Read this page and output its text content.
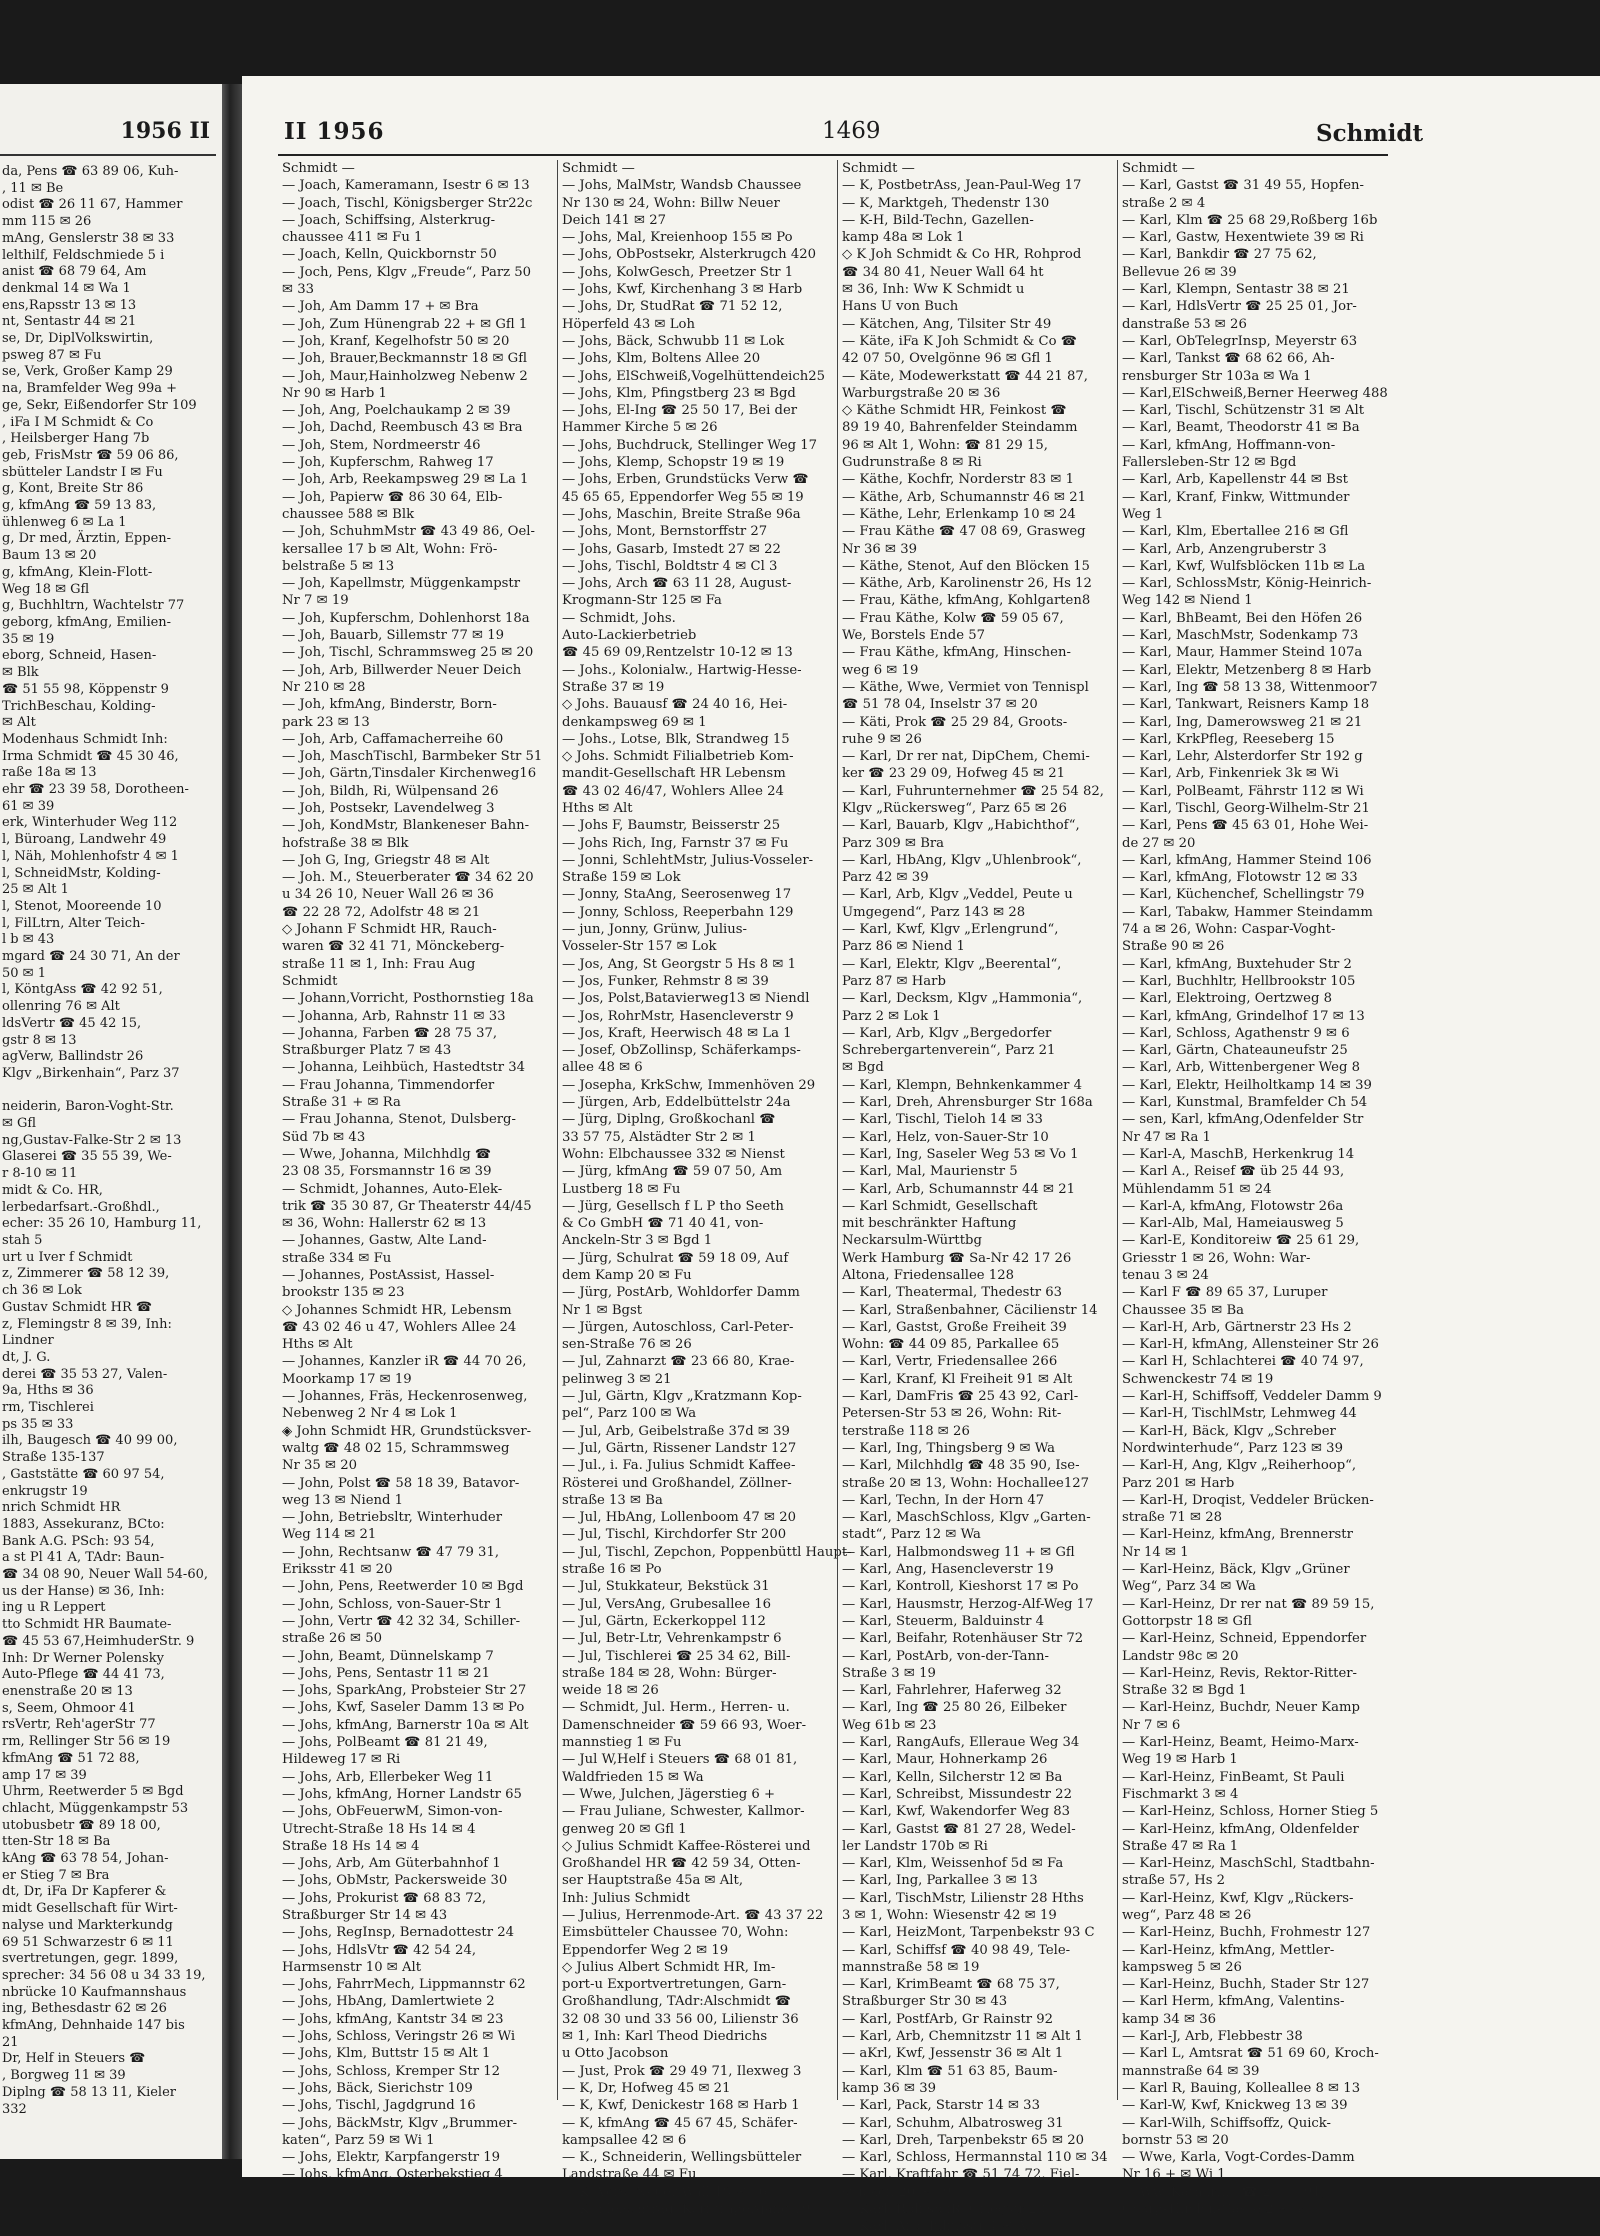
1956 II
da, Pens ☎ 63 89 06, Kuh-
, 11 ✉ Be
odist ☎ 26 11 67, Hammer
mm 115 ✉ 26
mAng, Genslerstr 38 ✉ 33
lelthilf, Feldschmiede 5 i
anist ☎ 68 79 64, Am
denkmal 14 ✉ Wa 1
ens,Rapsstr 13 ✉ 13
nt, Sentastr 44 ✉ 21
se, Dr, DiplVolkswirtin,
psweg 87 ✉ Fu
se, Verk, Großer Kamp 29
na, Bramfelder Weg 99a +
ge, Sekr, Eißendorfer Str 109
, iFa I M Schmidt & Co
, Heilsberger Hang 7b
geb, FrisMstr ☎ 59 06 86,
sbütteler Landstr I ✉ Fu
g, Kont, Breite Str 86
g, kfmAng ☎ 59 13 83,
ühlenweg 6 ✉ La 1
g, Dr med, Ärztin, Eppen-
Baum 13 ✉ 20
g, kfmAng, Klein-Flott-
Weg 18 ✉ Gfl
g, Buchhltrn, Wachtelstr 77
geborg, kfmAng, Emilien-
35 ✉ 19
eborg, Schneid, Hasen-
✉ Blk
☎ 51 55 98, Köppenstr 9
TrichBeschau, Kolding-
✉ Alt
Modenhaus Schmidt Inh:
Irma Schmidt ☎ 45 30 46,
raße 18a ✉ 13
ehr ☎ 23 39 58, Dorotheen-
61 ✉ 39
erk, Winterhuder Weg 112
l, Büroang, Landwehr 49
l, Näh, Mohlenhofstr 4 ✉ 1
l, SchneidMstr, Kolding-
25 ✉ Alt 1
l, Stenot, Mooreende 10
l, FilLtrn, Alter Teich-
l b ✉ 43
mgard ☎ 24 30 71, An der
50 ✉ 1
l, KöntgAss ☎ 42 92 51,
ollenring 76 ✉ Alt
ldsVertr ☎ 45 42 15,
gstr 8 ✉ 13
agVerw, Ballindstr 26
Klgv „Birkenhain“, Parz 37

neiderin, Baron-Voght-Str.
✉ Gfl
ng,Gustav-Falke-Str 2 ✉ 13
Glaserei ☎ 35 55 39, We-
r 8-10 ✉ 11
midt & Co. HR,
lerbedarfsart.-Großhdl.,
echer: 35 26 10, Hamburg 11,
stah 5
urt u Iver f Schmidt
z, Zimmerer ☎ 58 12 39,
ch 36 ✉ Lok
Gustav Schmidt HR ☎
z, Flemingstr 8 ✉ 39, Inh:
Lindner
dt, J. G.
derei ☎ 35 53 27, Valen-
9a, Hths ✉ 36
rm, Tischlerei
ps 35 ✉ 33
ilh, Baugesch ☎ 40 99 00,
Straße 135-137
, Gaststätte ☎ 60 97 54,
enkrugstr 19
nrich Schmidt HR
1883, Assekuranz, BCto:
Bank A.G. PSch: 93 54,
a st Pl 41 A, TAdr: Baun-
☎ 34 08 90, Neuer Wall 54-60,
us der Hanse) ✉ 36, Inh:
ing u R Leppert
tto Schmidt HR Baumate-
☎ 45 53 67,HeimhuderStr. 9
Inh: Dr Werner Polensky
Auto-Pflege ☎ 44 41 73,
enenstraße 20 ✉ 13
s, Seem, Ohmoor 41
rsVertr, Reh'agerStr 77
rm, Rellinger Str 56 ✉ 19
kfmAng ☎ 51 72 88,
amp 17 ✉ 39
Uhrm, Reetwerder 5 ✉ Bgd
chlacht, Müggenkampstr 53
utobusbetr ☎ 89 18 00,
tten-Str 18 ✉ Ba
kAng ☎ 63 78 54, Johan-
er Stieg 7 ✉ Bra
dt, Dr, iFa Dr Kapferer &
midt Gesellschaft für Wirt-
nalyse und Markterkundg
69 51 Schwarzestr 6 ✉ 11
svertretungen, gegr. 1899,
sprecher: 34 56 08 u 34 33 19,
nbrücke 10 Kaufmannshaus
ing, Bethesdastr 62 ✉ 26
kfmAng, Dehnhaide 147 bis
21
Dr, Helf in Steuers ☎
, Borgweg 11 ✉ 39
Diplng ☎ 58 13 11, Kieler
332
II 1956	1469	Schmidt
Schmidt —
— Joach, Kameramann, Isestr 6 ✉ 13
— Joach, Tischl, Königsberger Str22c
— Joach, Schiffsing, Alsterkrug-
chaussee 411 ✉ Fu 1
— Joach, Kelln, Quickbornstr 50
— Joch, Pens, Klgv „Freude“, Parz 50
✉ 33
— Joh, Am Damm 17 + ✉ Bra
— Joh, Zum Hünengrab 22 + ✉ Gfl 1
— Joh, Kranf, Kegelhofstr 50 ✉ 20
— Joh, Brauer,Beckmannstr 18 ✉ Gfl
— Joh, Maur,Hainholzweg Nebenw 2
Nr 90 ✉ Harb 1
— Joh, Ang, Poelchaukamp 2 ✉ 39
— Joh, Dachd, Reembusch 43 ✉ Bra
— Joh, Stem, Nordmeerstr 46
— Joh, Kupferschm, Rahweg 17
— Joh, Arb, Reekampsweg 29 ✉ La 1
— Joh, Papierw ☎ 86 30 64, Elb-
chaussee 588 ✉ Blk
— Joh, SchuhmMstr ☎ 43 49 86, Oel-
kersallee 17 b ✉ Alt, Wohn: Frö-
belstraße 5 ✉ 13
— Joh, Kapellmstr, Müggenkampstr
Nr 7 ✉ 19
— Joh, Kupferschm, Dohlenhorst 18a
— Joh, Bauarb, Sillemstr 77 ✉ 19
— Joh, Tischl, Schrammsweg 25 ✉ 20
— Joh, Arb, Billwerder Neuer Deich
Nr 210 ✉ 28
— Joh, kfmAng, Binderstr, Born-
park 23 ✉ 13
— Joh, Arb, Caffamacherreihe 60
— Joh, MaschTischl, Barmbeker Str 51
— Joh, Gärtn,Tinsdaler Kirchenweg16
— Joh, Bildh, Ri, Wülpensand 26
— Joh, Postsekr, Lavendelweg 3
— Joh, KondMstr, Blankeneser Bahn-
hofstraße 38 ✉ Blk
— Joh G, Ing, Griegstr 48 ✉ Alt
— Joh. M., Steuerberater ☎ 34 62 20
u 34 26 10, Neuer Wall 26 ✉ 36
☎ 22 28 72, Adolfstr 48 ✉ 21
◇ Johann F Schmidt HR, Rauch-
waren ☎ 32 41 71, Mönckeberg-
straße 11 ✉ 1, Inh: Frau Aug
Schmidt
— Johann,Vorricht, Posthornstieg 18a
— Johanna, Arb, Rahnstr 11 ✉ 33
— Johanna, Farben ☎ 28 75 37,
Straßburger Platz 7 ✉ 43
— Johanna, Leihbüch, Hastedtstr 34
— Frau Johanna, Timmendorfer
Straße 31 + ✉ Ra
— Frau Johanna, Stenot, Dulsberg-
Süd 7b ✉ 43
— Wwe, Johanna, Milchhdlg ☎
23 08 35, Forsmannstr 16 ✉ 39
— Schmidt, Johannes, Auto-Elek-
trik ☎ 35 30 87, Gr Theaterstr 44/45
✉ 36, Wohn: Hallerstr 62 ✉ 13
— Johannes, Gastw, Alte Land-
straße 334 ✉ Fu
— Johannes, PostAssist, Hassel-
brookstr 135 ✉ 23
◇ Johannes Schmidt HR, Lebensm
☎ 43 02 46 u 47, Wohlers Allee 24
Hths ✉ Alt
— Johannes, Kanzler iR ☎ 44 70 26,
Moorkamp 17 ✉ 19
— Johannes, Fräs, Heckenrosenweg,
Nebenweg 2 Nr 4 ✉ Lok 1
◈ John Schmidt HR, Grundstücksver-
waltg ☎ 48 02 15, Schrammsweg
Nr 35 ✉ 20
— John, Polst ☎ 58 18 39, Batavor-
weg 13 ✉ Niend 1
— John, Betriebsltr, Winterhuder
Weg 114 ✉ 21
— John, Rechtsanw ☎ 47 79 31,
Eriksstr 41 ✉ 20
— John, Pens, Reetwerder 10 ✉ Bgd
— John, Schloss, von-Sauer-Str 1
— John, Vertr ☎ 42 32 34, Schiller-
straße 26 ✉ 50
— John, Beamt, Dünnelskamp 7
— Johs, Pens, Sentastr 11 ✉ 21
— Johs, SparkAng, Probsteier Str 27
— Johs, Kwf, Saseler Damm 13 ✉ Po
— Johs, kfmAng, Barnerstr 10a ✉ Alt
— Johs, PolBeamt ☎ 81 21 49,
Hildeweg 17 ✉ Ri
— Johs, Arb, Ellerbeker Weg 11
— Johs, kfmAng, Horner Landstr 65
— Johs, ObFeuerwM, Simon-von-
Utrecht-Straße 18 Hs 14 ✉ 4
Straße 18 Hs 14 ✉ 4
— Johs, Arb, Am Güterbahnhof 1
— Johs, ObMstr, Packersweide 30
— Johs, Prokurist ☎ 68 83 72,
Straßburger Str 14 ✉ 43
— Johs, RegInsp, Bernadottestr 24
— Johs, HdlsVtr ☎ 42 54 24,
Harmsenstr 10 ✉ Alt
— Johs, FahrrMech, Lippmannstr 62
— Johs, HbAng, Damlertwiete 2
— Johs, kfmAng, Kantstr 34 ✉ 23
— Johs, Schloss, Veringstr 26 ✉ Wi
— Johs, Klm, Buttstr 15 ✉ Alt 1
— Johs, Schloss, Kremper Str 12
— Johs, Bäck, Sierichstr 109
— Johs, Tischl, Jagdgrund 16
— Johs, BäckMstr, Klgv „Brummer-
katen“, Parz 59 ✉ Wi 1
— Johs, Elektr, Karpfangerstr 19
— Johs, kfmAng, Osterbekstieg 4
Schmidt —
— Johs, MalMstr, Wandsb Chaussee
Nr 130 ✉ 24, Wohn: Billw Neuer
Deich 141 ✉ 27
— Johs, Mal, Kreienhoop 155 ✉ Po
— Johs, ObPostsekr, Alsterkrugch 420
— Johs, KolwGesch, Preetzer Str 1
— Johs, Kwf, Kirchenhang 3 ✉ Harb
— Johs, Dr, StudRat ☎ 71 52 12,
Höperfeld 43 ✉ Loh
— Johs, Bäck, Schwubb 11 ✉ Lok
— Johs, Klm, Boltens Allee 20
— Johs, ElSchweiß,Vogelhüttendeich25
— Johs, Klm, Pfingstberg 23 ✉ Bgd
— Johs, El-Ing ☎ 25 50 17, Bei der
Hammer Kirche 5 ✉ 26
— Johs, Buchdruck, Stellinger Weg 17
— Johs, Klemp, Schopstr 19 ✉ 19
— Johs, Erben, Grundstücks Verw ☎
45 65 65, Eppendorfer Weg 55 ✉ 19
— Johs, Maschin, Breite Straße 96a
— Johs, Mont, Bernstorffstr 27
— Johs, Gasarb, Imstedt 27 ✉ 22
— Johs, Tischl, Boldtstr 4 ✉ Cl 3
— Johs, Arch ☎ 63 11 28, August-
Krogmann-Str 125 ✉ Fa
— Schmidt, Johs.
Auto-Lackierbetrieb
☎ 45 69 09,Rentzelstr 10-12 ✉ 13
— Johs., Kolonialw., Hartwig-Hesse-
Straße 37 ✉ 19
◇ Johs. Bauausf ☎ 24 40 16, Hei-
denkampsweg 69 ✉ 1
— Johs., Lotse, Blk, Strandweg 15
◇ Johs. Schmidt Filialbetrieb Kom-
mandit-Gesellschaft HR Lebensm
☎ 43 02 46/47, Wohlers Allee 24
Hths ✉ Alt
— Johs F, Baumstr, Beisserstr 25
— Johs Rich, Ing, Farnstr 37 ✉ Fu
— Jonni, SchlehtMstr, Julius-Vosseler-
Straße 159 ✉ Lok
— Jonny, StaAng, Seerosenweg 17
— Jonny, Schloss, Reeperbahn 129
— jun, Jonny, Grünw, Julius-
Vosseler-Str 157 ✉ Lok
— Jos, Ang, St Georgstr 5 Hs 8 ✉ 1
— Jos, Funker, Rehmstr 8 ✉ 39
— Jos, Polst,Batavierweg13 ✉ Niendl
— Jos, RohrMstr, Hasencleverstr 9
— Jos, Kraft, Heerwisch 48 ✉ La 1
— Josef, ObZollinsp, Schäferkamps-
allee 48 ✉ 6
— Josepha, KrkSchw, Immenhöven 29
— Jürgen, Arb, Eddelbüttelstr 24a
— Jürg, Diplng, Großkochanl ☎
33 57 75, Alstädter Str 2 ✉ 1
Wohn: Elbchaussee 332 ✉ Nienst
— Jürg, kfmAng ☎ 59 07 50, Am
Lustberg 18 ✉ Fu
— Jürg, Gesellsch f L P tho Seeth
& Co GmbH ☎ 71 40 41, von-
Anckeln-Str 3 ✉ Bgd 1
— Jürg, Schulrat ☎ 59 18 09, Auf
dem Kamp 20 ✉ Fu
— Jürg, PostArb, Wohldorfer Damm
Nr 1 ✉ Bgst
— Jürgen, Autoschloss, Carl-Peter-
sen-Straße 76 ✉ 26
— Jul, Zahnarzt ☎ 23 66 80, Krae-
pelinweg 3 ✉ 21
— Jul, Gärtn, Klgv „Kratzmann Kop-
pel“, Parz 100 ✉ Wa
— Jul, Arb, Geibelstraße 37d ✉ 39
— Jul, Gärtn, Rissener Landstr 127
— Jul., i. Fa. Julius Schmidt Kaffee-
Rösterei und Großhandel, Zöllner-
straße 13 ✉ Ba
— Jul, HbAng, Lollenboom 47 ✉ 20
— Jul, Tischl, Kirchdorfer Str 200
— Jul, Tischl, Zepchon, Poppenbüttl Haupt-
straße 16 ✉ Po
— Jul, Stukkateur, Bekstück 31
— Jul, VersAng, Grubesallee 16
— Jul, Gärtn, Eckerkoppel 112
— Jul, Betr-Ltr, Vehrenkampstr 6
— Jul, Tischlerei ☎ 25 34 62, Bill-
straße 184 ✉ 28, Wohn: Bürger-
weide 18 ✉ 26
— Schmidt, Jul. Herm., Herren- u.
Damenschneider ☎ 59 66 93, Woer-
mannstieg 1 ✉ Fu
— Jul W,Helf i Steuers ☎ 68 01 81,
Waldfrieden 15 ✉ Wa
— Wwe, Julchen, Jägerstieg 6 +
— Frau Juliane, Schwester, Kallmor-
genweg 20 ✉ Gfl 1
◇ Julius Schmidt Kaffee-Rösterei und
Großhandel HR ☎ 42 59 34, Otten-
ser Hauptstraße 45a ✉ Alt,
Inh: Julius Schmidt
— Julius, Herrenmode-Art. ☎ 43 37 22
Eimsbütteler Chaussee 70, Wohn:
Eppendorfer Weg 2 ✉ 19
◇ Julius Albert Schmidt HR, Im-
port-u Exportvertretungen, Garn-
Großhandlung, TAdr:Alschmidt ☎
32 08 30 und 33 56 00, Lilienstr 36
✉ 1, Inh: Karl Theod Diedrichs
u Otto Jacobson
— Just, Prok ☎ 29 49 71, Ilexweg 3
— K, Dr, Hofweg 45 ✉ 21
— K, Kwf, Denickestr 168 ✉ Harb 1
— K, kfmAng ☎ 45 67 45, Schäfer-
kampsallee 42 ✉ 6
— K., Schneiderin, Wellingsbütteler
Landstraße 44 ✉ Fu
— K, Vers, Neuer Wall 18 ✉ 36
— K, Fleischtrag, Kornträgergang 19
Schmidt —
— K, PostbetrAss, Jean-Paul-Weg 17
— K, Marktgeh, Thedenstr 130
— K-H, Bild-Techn, Gazellen-
kamp 48a ✉ Lok 1
◇ K Joh Schmidt & Co HR, Rohprod
☎ 34 80 41, Neuer Wall 64 ht
✉ 36, Inh: Ww K Schmidt u
Hans U von Buch
— Kätchen, Ang, Tilsiter Str 49
— Käte, iFa K Joh Schmidt & Co ☎
42 07 50, Ovelgönne 96 ✉ Gfl 1
— Käte, Modewerkstatt ☎ 44 21 87,
Warburgstraße 20 ✉ 36
◇ Käthe Schmidt HR, Feinkost ☎
89 19 40, Bahrenfelder Steindamm
96 ✉ Alt 1, Wohn: ☎ 81 29 15,
Gudrunstraße 8 ✉ Ri
— Käthe, Kochfr, Norderstr 83 ✉ 1
— Käthe, Arb, Schumannstr 46 ✉ 21
— Käthe, Lehr, Erlenkamp 10 ✉ 24
— Frau Käthe ☎ 47 08 69, Grasweg
Nr 36 ✉ 39
— Käthe, Stenot, Auf den Blöcken 15
— Käthe, Arb, Karolinenstr 26, Hs 12
— Frau, Käthe, kfmAng, Kohlgarten8
— Frau Käthe, Kolw ☎ 59 05 67,
We, Borstels Ende 57
— Frau Käthe, kfmAng, Hinschen-
weg 6 ✉ 19
— Käthe, Wwe, Vermiet von Tennispl
☎ 51 78 04, Inselstr 37 ✉ 20
— Käti, Prok ☎ 25 29 84, Groots-
ruhe 9 ✉ 26
— Karl, Dr rer nat, DipChem, Chemi-
ker ☎ 23 29 09, Hofweg 45 ✉ 21
— Karl, Fuhrunternehmer ☎ 25 54 82,
Klgv „Rückersweg“, Parz 65 ✉ 26
— Karl, Bauarb, Klgv „Habichthof“,
Parz 309 ✉ Bra
— Karl, HbAng, Klgv „Uhlenbrook“,
Parz 42 ✉ 39
— Karl, Arb, Klgv „Veddel, Peute u
Umgegend“, Parz 143 ✉ 28
— Karl, Kwf, Klgv „Erlengrund“,
Parz 86 ✉ Niend 1
— Karl, Elektr, Klgv „Beerental“,
Parz 87 ✉ Harb
— Karl, Decksm, Klgv „Hammonia“,
Parz 2 ✉ Lok 1
— Karl, Arb, Klgv „Bergedorfer
Schrebergartenverein“, Parz 21
✉ Bgd
— Karl, Klempn, Behnkenkammer 4
— Karl, Dreh, Ahrensburger Str 168a
— Karl, Tischl, Tieloh 14 ✉ 33
— Karl, Helz, von-Sauer-Str 10
— Karl, Ing, Saseler Weg 53 ✉ Vo 1
— Karl, Mal, Maurienstr 5
— Karl, Arb, Schumannstr 44 ✉ 21
— Karl Schmidt, Gesellschaft
mit beschränkter Haftung
Neckarsulm-Württbg
Werk Hamburg ☎ Sa-Nr 42 17 26
Altona, Friedensallee 128
— Karl, Theatermal, Thedestr 63
— Karl, Straßenbahner, Cäcilienstr 14
— Karl, Gastst, Große Freiheit 39
Wohn: ☎ 44 09 85, Parkallee 65
— Karl, Vertr, Friedensallee 266
— Karl, Kranf, Kl Freiheit 91 ✉ Alt
— Karl, DamFris ☎ 25 43 92, Carl-
Petersen-Str 53 ✉ 26, Wohn: Rit-
terstraße 118 ✉ 26
— Karl, Ing, Thingsberg 9 ✉ Wa
— Karl, Milchhdlg ☎ 48 35 90, Ise-
straße 20 ✉ 13, Wohn: Hochallee127
— Karl, Techn, In der Horn 47
— Karl, MaschSchloss, Klgv „Garten-
stadt“, Parz 12 ✉ Wa
— Karl, Halbmondsweg 11 + ✉ Gfl
— Karl, Ang, Hasencleverstr 19
— Karl, Kontroll, Kieshorst 17 ✉ Po
— Karl, Hausmstr, Herzog-Alf-Weg 17
— Karl, Steuerm, Balduinstr 4
— Karl, Beifahr, Rotenhäuser Str 72
— Karl, PostArb, von-der-Tann-
Straße 3 ✉ 19
— Karl, Fahrlehrer, Haferweg 32
— Karl, Ing ☎ 25 80 26, Eilbeker
Weg 61b ✉ 23
— Karl, RangAufs, Elleraue Weg 34
— Karl, Maur, Hohnerkamp 26
— Karl, Kelln, Silcherstr 12 ✉ Ba
— Karl, Schreibst, Missundestr 22
— Karl, Kwf, Wakendorfer Weg 83
— Karl, Gastst ☎ 81 27 28, Wedel-
ler Landstr 170b ✉ Ri
— Karl, Klm, Weissenhof 5d ✉ Fa
— Karl, Ing, Parkallee 3 ✉ 13
— Karl, TischMstr, Lilienstr 28 Hths
3 ✉ 1, Wohn: Wiesenstr 42 ✉ 19
— Karl, HeizMont, Tarpenbekstr 93 C
— Karl, Schiffsf ☎ 40 98 49, Tele-
mannstraße 58 ✉ 19
— Karl, KrimBeamt ☎ 68 75 37,
Straßburger Str 30 ✉ 43
— Karl, PostfArb, Gr Rainstr 92
— Karl, Arb, Chemnitzstr 11 ✉ Alt 1
— aKrl, Kwf, Jessenstr 36 ✉ Alt 1
— Karl, Klm ☎ 51 63 85, Baum-
kamp 36 ✉ 39
— Karl, Pack, Starstr 14 ✉ 33
— Karl, Schuhm, Albatrosweg 31
— Karl, Dreh, Tarpenbekstr 65 ✉ 20
— Karl, Schloss, Hermannstal 110 ✉ 34
— Karl, Kraftfahr ☎ 51 74 72, Fiel-
stücken 20 ✉ 39
— Karl, Rblnsp iR, Griegstr 20
— Karl, Arb, Juliusstr 4 ✉ Alt
Schmidt —
— Karl, Gastst ☎ 31 49 55, Hopfen-
straße 2 ✉ 4
— Karl, Klm ☎ 25 68 29,Roßberg 16b
— Karl, Gastw, Hexentwiete 39 ✉ Ri
— Karl, Bankdir ☎ 27 75 62,
Bellevue 26 ✉ 39
— Karl, Klempn, Sentastr 38 ✉ 21
— Karl, HdlsVertr ☎ 25 25 01, Jor-
danstraße 53 ✉ 26
— Karl, ObTelegrInsp, Meyerstr 63
— Karl, Tankst ☎ 68 62 66, Ah-
rensburger Str 103a ✉ Wa 1
— Karl,ElSchweiß,Berner Heerweg 488
— Karl, Tischl, Schützenstr 31 ✉ Alt
— Karl, Beamt, Theodorstr 41 ✉ Ba
— Karl, kfmAng, Hoffmann-von-
Fallersleben-Str 12 ✉ Bgd
— Karl, Arb, Kapellenstr 44 ✉ Bst
— Karl, Kranf, Finkw, Wittmunder
Weg 1
— Karl, Klm, Ebertallee 216 ✉ Gfl
— Karl, Arb, Anzengruberstr 3
— Karl, Kwf, Wulfsblöcken 11b ✉ La
— Karl, SchlossMstr, König-Heinrich-
Weg 142 ✉ Niend 1
— Karl, BhBeamt, Bei den Höfen 26
— Karl, MaschMstr, Sodenkamp 73
— Karl, Maur, Hammer Steind 107a
— Karl, Elektr, Metzenberg 8 ✉ Harb
— Karl, Ing ☎ 58 13 38, Wittenmoor7
— Karl, Tankwart, Reisners Kamp 18
— Karl, Ing, Damerowsweg 21 ✉ 21
— Karl, KrkPfleg, Reeseberg 15
— Karl, Lehr, Alsterdorfer Str 192 g
— Karl, Arb, Finkenriek 3k ✉ Wi
— Karl, PolBeamt, Fährstr 112 ✉ Wi
— Karl, Tischl, Georg-Wilhelm-Str 21
— Karl, Pens ☎ 45 63 01, Hohe Wei-
de 27 ✉ 20
— Karl, kfmAng, Hammer Steind 106
— Karl, kfmAng, Flotowstr 12 ✉ 33
— Karl, Küchenchef, Schellingstr 79
— Karl, Tabakw, Hammer Steindamm
74 a ✉ 26, Wohn: Caspar-Voght-
Straße 90 ✉ 26
— Karl, kfmAng, Buxtehuder Str 2
— Karl, Buchhltr, Hellbrookstr 105
— Karl, Elektroing, Oertzweg 8
— Karl, kfmAng, Grindelhof 17 ✉ 13
— Karl, Schloss, Agathenstr 9 ✉ 6
— Karl, Gärtn, Chateauneufstr 25
— Karl, Arb, Wittenbergener Weg 8
— Karl, Elektr, Heilholtkamp 14 ✉ 39
— Karl, Kunstmal, Bramfelder Ch 54
— sen, Karl, kfmAng,Odenfelder Str
Nr 47 ✉ Ra 1
— Karl-A, MaschB, Herkenkrug 14
— Karl A., Reisef ☎ üb 25 44 93,
Mühlendamm 51 ✉ 24
— Karl-A, kfmAng, Flotowstr 26a
— Karl-Alb, Mal, Hameiausweg 5
— Karl-E, Konditoreiw ☎ 25 61 29,
Griesstr 1 ✉ 26, Wohn: War-
tenau 3 ✉ 24
— Karl F ☎ 89 65 37, Luruper
Chaussee 35 ✉ Ba
— Karl-H, Arb, Gärtnerstr 23 Hs 2
— Karl-H, kfmAng, Allensteiner Str 26
— Karl H, Schlachterei ☎ 40 74 97,
Schwenckestr 74 ✉ 19
— Karl-H, Schiffsoff, Veddeler Damm 9
— Karl-H, TischlMstr, Lehmweg 44
— Karl-H, Bäck, Klgv „Schreber
Nordwinterhude“, Parz 123 ✉ 39
— Karl-H, Ang, Klgv „Reiherhoop“,
Parz 201 ✉ Harb
— Karl-H, Droqist, Veddeler Brücken-
straße 71 ✉ 28
— Karl-Heinz, kfmAng, Brennerstr
Nr 14 ✉ 1
— Karl-Heinz, Bäck, Klgv „Grüner
Weg“, Parz 34 ✉ Wa
— Karl-Heinz, Dr rer nat ☎ 89 59 15,
Gottorpstr 18 ✉ Gfl
— Karl-Heinz, Schneid, Eppendorfer
Landstr 98c ✉ 20
— Karl-Heinz, Revis, Rektor-Ritter-
Straße 32 ✉ Bgd 1
— Karl-Heinz, Buchdr, Neuer Kamp
Nr 7 ✉ 6
— Karl-Heinz, Beamt, Heimo-Marx-
Weg 19 ✉ Harb 1
— Karl-Heinz, FinBeamt, St Pauli
Fischmarkt 3 ✉ 4
— Karl-Heinz, Schloss, Horner Stieg 5
— Karl-Heinz, kfmAng, Oldenfelder
Straße 47 ✉ Ra 1
— Karl-Heinz, MaschSchl, Stadtbahn-
straße 57, Hs 2
— Karl-Heinz, Kwf, Klgv „Rückers-
weg“, Parz 48 ✉ 26
— Karl-Heinz, Buchh, Frohmestr 127
— Karl-Heinz, kfmAng, Mettler-
kampsweg 5 ✉ 26
— Karl-Heinz, Buchh, Stader Str 127
— Karl Herm, kfmAng, Valentins-
kamp 34 ✉ 36
— Karl-J, Arb, Flebbestr 38
— Karl L, Amtsrat ☎ 51 69 60, Kroch-
mannstraße 64 ✉ 39
— Karl R, Bauing, Kolleallee 8 ✉ 13
— Karl-W, Kwf, Knickweg 13 ✉ 39
— Karl-Wilh, Schiffsoffz, Quick-
bornstr 53 ✉ 20
— Wwe, Karla, Vogt-Cordes-Damm
Nr 16 + ✉ Wi 1
— Ww, Katharina ☎ 27 75 91,
Georg-Thielen-Gasse 2 ✉ 39
